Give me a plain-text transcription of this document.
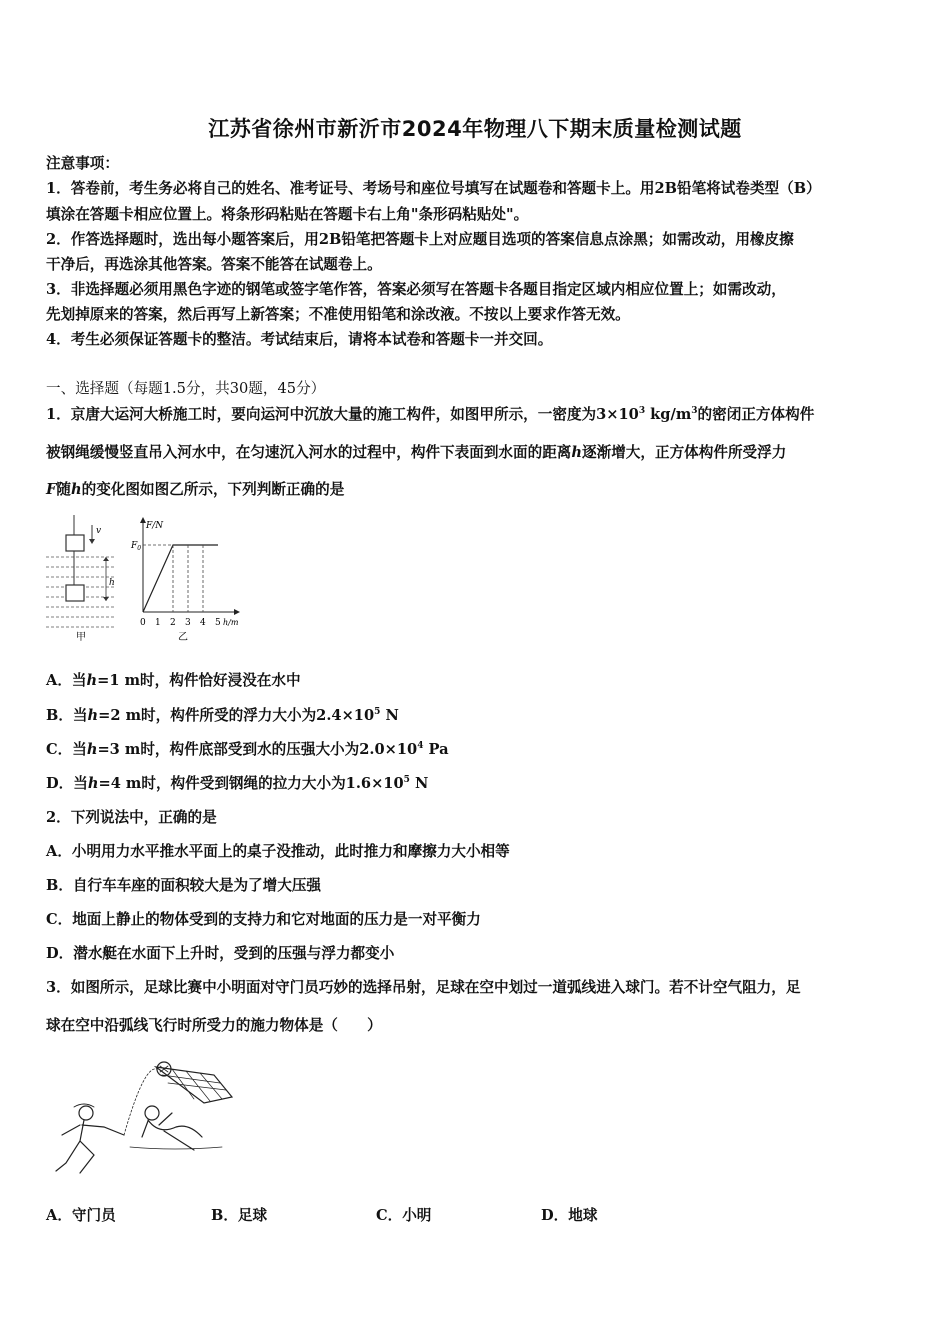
江苏省徐州市新沂市2024年物理八下期末质量检测试题
注意事项：
1．答卷前，考生务必将自己的姓名、准考证号、考场号和座位号填写在试题卷和答题卡上。用2B铅笔将试卷类型（B）
填涂在答题卡相应位置上。将条形码粘贴在答题卡右上角"条形码粘贴处"。
2．作答选择题时，选出每小题答案后，用2B铅笔把答题卡上对应题目选项的答案信息点涂黑；如需改动，用橡皮擦
干净后，再选涂其他答案。答案不能答在试题卷上。
3．非选择题必须用黑色字迹的钢笔或签字笔作答，答案必须写在答题卡各题目指定区域内相应位置上；如需改动，
先划掉原来的答案，然后再写上新答案；不准使用铅笔和涂改液。不按以上要求作答无效。
4．考生必须保证答题卡的整洁。考试结束后，请将本试卷和答题卡一并交回。
一、选择题（每题1.5分，共30题，45分）
1．京唐大运河大桥施工时，要向运河中沉放大量的施工构件，如图甲所示，一密度为$3\times 10^3$ $kg/m^3$的密闭正方体构件
被钢绳缓慢竖直吊入河水中，在匀速沉入河水的过程中，构件下表面到水面的距离h逐渐增大，正方体构件所受浮力
F随h的变化图如图乙所示，下列判断正确的是
v
h
甲
F/N
$F_0$
0 1 2 3 4 5 h/m
乙
A．当h=1 m时，构件恰好浸没在水中
B．当h=2 m时，构件所受的浮力大小为$2.4\times 10^5$ N
C．当h=3 m时，构件底部受到水的压强大小为$2.0\times 10^4$ Pa
D．当h=4 m时，构件受到钢绳的拉力大小为$1.6\times 10^5$ N
2．下列说法中，正确的是
A．小明用力水平推水平面上的桌子没推动，此时推力和摩擦力大小相等
B．自行车车座的面积较大是为了增大压强
C．地面上静止的物体受到的支持力和它对地面的压力是一对平衡力
D．潜水艇在水面下上升时，受到的压强与浮力都变小
3．如图所示，足球比赛中小明面对守门员巧妙的选择吊射，足球在空中划过一道弧线进入球门。若不计空气阻力，足
球在空中沿弧线飞行时所受力的施力物体是（　　）
A．守门员	B．足球	C．小明	D．地球
